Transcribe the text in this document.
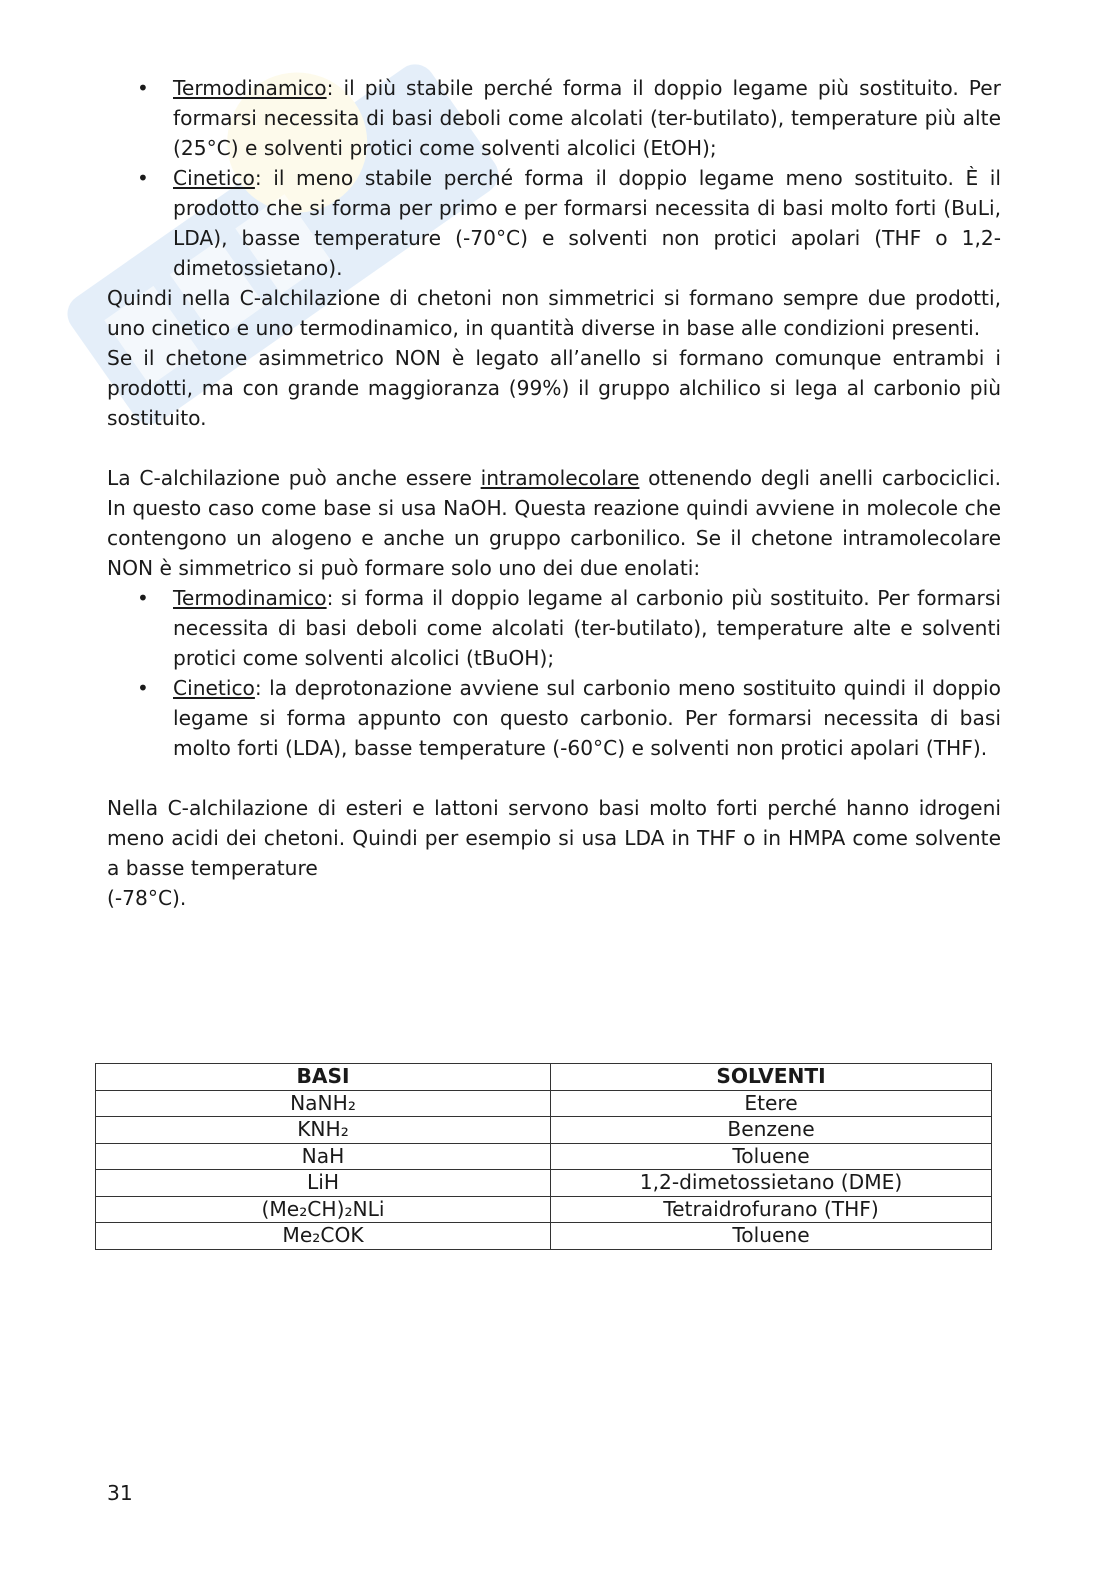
• Termodinamico: il più stabile perché forma il doppio legame più sostituito. Per formarsi necessita di basi deboli come alcolati (ter-butilato), temperature più alte (25°C) e solventi protici come solventi alcolici (EtOH);
• Cinetico: il meno stabile perché forma il doppio legame meno sostituito. È il prodotto che si forma per primo e per formarsi necessita di basi molto forti (BuLi, LDA), basse temperature (-70°C) e solventi non protici apolari (THF o 1,2-dimetossietano).

Quindi nella C-alchilazione di chetoni non simmetrici si formano sempre due prodotti, uno cinetico e uno termodinamico, in quantità diverse in base alle condizioni presenti.

Se il chetone asimmetrico NON è legato all’anello si formano comunque entrambi i prodotti, ma con grande maggioranza (99%) il gruppo alchilico si lega al carbonio più sostituito.

La C-alchilazione può anche essere intramolecolare ottenendo degli anelli carbociclici. In questo caso come base si usa NaOH. Questa reazione quindi avviene in molecole che contengono un alogeno e anche un gruppo carbonilico. Se il chetone intramolecolare NON è simmetrico si può formare solo uno dei due enolati:

• Termodinamico: si forma il doppio legame al carbonio più sostituito. Per formarsi necessita di basi deboli come alcolati (ter-butilato), temperature alte e solventi protici come solventi alcolici (tBuOH);
• Cinetico: la deprotonazione avviene sul carbonio meno sostituito quindi il doppio legame si forma appunto con questo carbonio. Per formarsi necessita di basi molto forti (LDA), basse temperature (-60°C) e solventi non protici apolari (THF).

Nella C-alchilazione di esteri e lattoni servono basi molto forti perché hanno idrogeni meno acidi dei chetoni. Quindi per esempio si usa LDA in THF o in HMPA come solvente a basse temperature

(-78°C).

BASI	SOLVENTI
NaNH₂	Etere
KNH₂	Benzene
NaH	Toluene
LiH	1,2-dimetossietano (DME)
(Me₂CH)₂NLi	Tetraidrofurano (THF)
Me₂COK	Toluene
31
